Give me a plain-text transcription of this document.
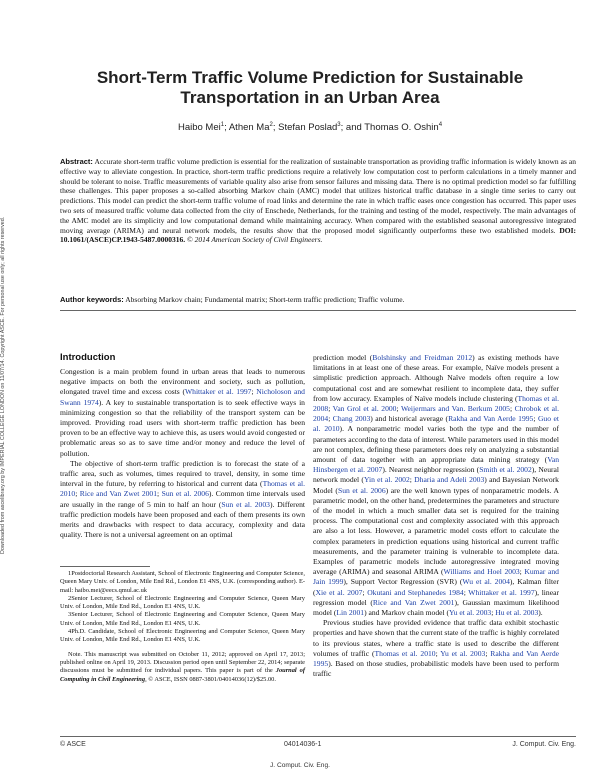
Downloaded from ascelibrary.org by IMPERIAL COLLEGE LONDON on 11/07/14. Copyright ASCE. For personal use only; all rights reserved.
Short-Term Traffic Volume Prediction for Sustainable Transportation in an Urban Area
Haibo Mei$^1$; Athen Ma$^2$; Stefan Poslad$^3$; and Thomas O. Oshin$^4$

Abstract: Accurate short-term traffic volume prediction is essential for the realization of sustainable transportation as providing traffic information is widely known as an effective way to alleviate congestion. In practice, short-term traffic predictions require a relatively low computation cost to perform calculations in a timely manner and should be tolerant to noise. Traffic measurements of variable quality also arise from sensor failures and missing data. There is no optimal prediction model so far fulfilling these challenges. This paper proposes a so-called absorbing Markov chain (AMC) model that utilizes historical traffic database in a single time series to carry out predictions. This model can predict the short-term traffic volume of road links and determine the rate in which traffic eases once congestion has occurred. This paper uses two sets of measured traffic volume data collected from the city of Enschede, Netherlands, for the training and testing of the model, respectively. The main advantages of the AMC model are its simplicity and low computational demand while maintaining accuracy. When compared with the established seasonal autoregressive integrated moving average (ARIMA) and neural network models, the results show that the proposed model significantly outperforms these two established models. DOI: 10.1061/(ASCE)CP.1943-5487.0000316. © 2014 American Society of Civil Engineers.

Author keywords: Absorbing Markov chain; Fundamental matrix; Short-term traffic prediction; Traffic volume.

Introduction

Congestion is a main problem found in urban areas that leads to numerous negative impacts on both the environment and society, such as pollution, elongated travel time and excess costs (Whittaker et al. 1997; Nicholoson and Swann 1974). A key to sustainable transportation is to seek effective ways in minimizing congestion so that the reliability of the transport system can be improved. Providing road users with short-term traffic prediction has been proven to be an effective way to achieve this, as users would avoid congested or problematic areas so as to save time and/or money and reduce the level of pollution.

The objective of short-term traffic prediction is to forecast the state of a traffic area, such as volumes, times required to travel, density, in some time interval in the future, by referring to historical and current data (Thomas et al. 2010; Rice and Van Zwet 2001; Sun et al. 2006). Common time intervals used are usually in the range of 5 min to half an hour (Sun et al. 2003). Different traffic prediction models have been proposed and each of them presents its own merits and drawbacks with respect to data accuracy, complexity and data quality. There is not a universal agreement on an optimal

prediction model (Bolshinsky and Freidman 2012) as existing methods have limitations in at least one of these areas. For example, Naïve models present a simplistic prediction approach. Although Naïve models often require a low computational cost and are somewhat resilient to incomplete data, they suffer from low accuracy. Examples of Naïve models include clustering (Thomas et al. 2008; Van Grol et al. 2000; Weijermars and Van. Berkum 2005; Chrobok et al. 2004; Chang 2003) and historical average (Rakha and Van Aerde 1995; Guo et al. 2010). A nonparametric model varies both the type and the number of parameters according to the data of interest. While parameters used in this model are not complex, defining these parameters does rely on analyzing a substantial amount of data together with an appropriate data mining strategy (Van Hinsbergen et al. 2007). Nearest neighbor regression (Smith et al. 2002), Neural network model (Yin et al. 2002; Dharia and Adeli 2003) and Bayesian Network Model (Sun et al. 2006) are the well known types of nonparametric models. A parametric model, on the other hand, predetermines the parameters and structure of the model in which a much smaller data set is required for the training process. The computational cost and complexity associated with this approach are also a lot less. However, a parametric model costs effort to calculate the complex parameters in prediction equations using historical and current traffic measurements, and the parameter training is vulnerable to incomplete data. Examples of parametric models include autoregressive integrated moving average (ARIMA) and seasonal ARIMA (Williams and Hoel 2003; Kumar and Jain 1999), Support Vector Regression (SVR) (Wu et al. 2004), Kalman filter (Xie et al. 2007; Okutani and Stephanedes 1984; Whittaker et al. 1997), linear regression model (Rice and Van Zwet 2001), Gaussian maximum likelihood model (Lin 2001) and Markov chain model (Yu et al. 2003; Hu et al. 2003).

Previous studies have provided evidence that traffic data exhibit stochastic properties and have shown that the current state of the traffic is highly correlated to its previous states, where a traffic state is used to describe the different volumes of traffic (Thomas et al. 2010; Yu et al. 2003; Rakha and Van Aerde 1995). Based on those studies, probabilistic models have been used to perform traffic

1Postdoctorial Research Assistant, School of Electronic Engineering and Computer Science, Queen Mary Univ. of London, Mile End Rd., London E1 4NS, U.K. (corresponding author). E-mail: haibo.mei@eecs.qmul.ac.uk

2Senior Lecturer, School of Electronic Engineering and Computer Science, Queen Mary Univ. of London, Mile End Rd., London E1 4NS, U.K.

3Senior Lecturer, School of Electronic Engineering and Computer Science, Queen Mary Univ. of London, Mile End Rd., London E1 4NS, U.K.

4Ph.D. Candidate, School of Electronic Engineering and Computer Science, Queen Mary Univ. of London, Mile End Rd., London E1 4NS, U.K.

Note. This manuscript was submitted on October 11, 2012; approved on April 17, 2013; published online on April 19, 2013. Discussion period open until September 22, 2014; separate discussions must be submitted for individual papers. This paper is part of the Journal of Computing in Civil Engineering, © ASCE, ISSN 0887-3801/04014036(12)/$25.00.

© ASCE	04014036-1	J. Comput. Civ. Eng.
J. Comput. Civ. Eng.
